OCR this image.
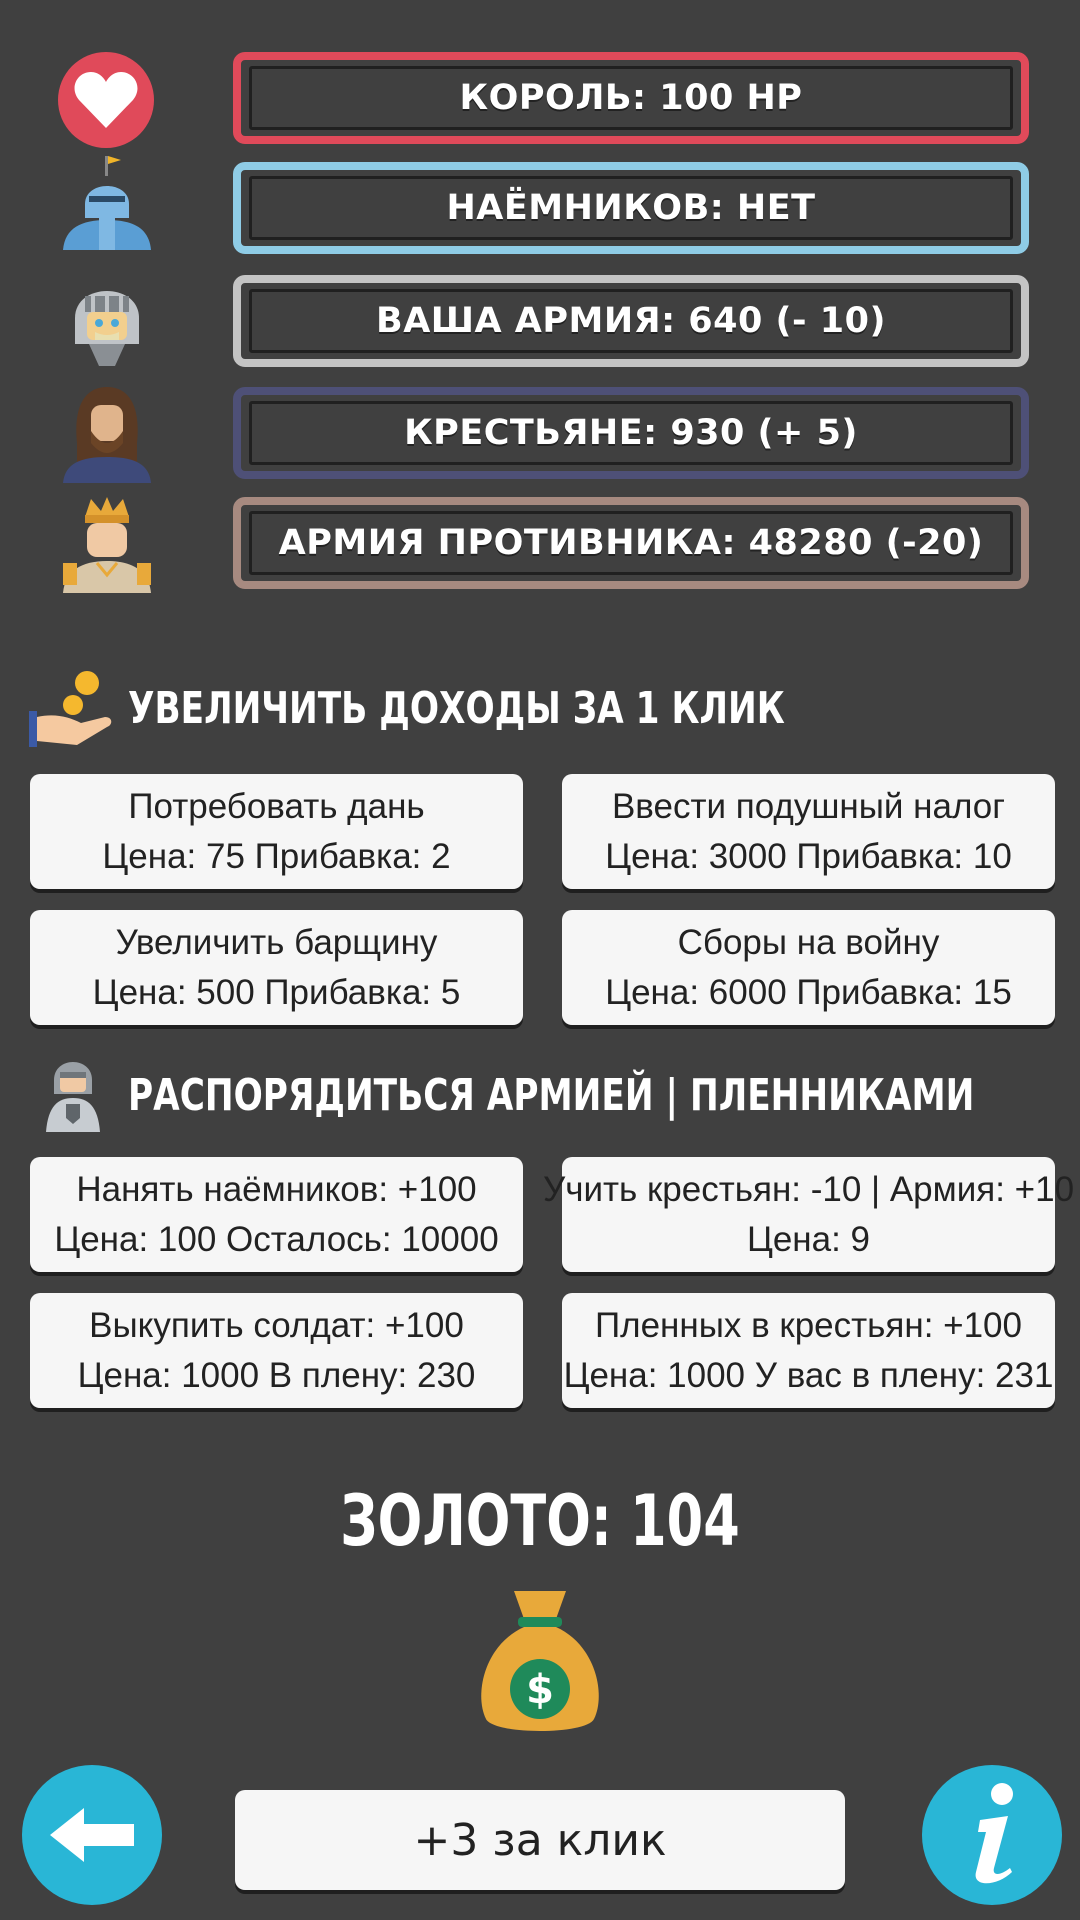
КОРОЛЬ: 100 HP
НАЁМНИКОВ: НЕТ
ВАША АРМИЯ: 640 (- 10)
КРЕСТЬЯНЕ: 930 (+ 5)
АРМИЯ ПРОТИВНИКА: 48280 (-20)
УВЕЛИЧИТЬ ДОХОДЫ ЗА 1 КЛИК
Потребовать дань
Цена: 75 Прибавка: 2
Ввести подушный налог
Цена: 3000 Прибавка: 10
Увеличить барщину
Цена: 500 Прибавка: 5
Сборы на войну
Цена: 6000 Прибавка: 15
РАСПОРЯДИТЬСЯ АРМИЕЙ | ПЛЕННИКАМИ
Нанять наёмников: +100
Цена: 100 Осталось: 10000
Учить крестьян: -10 | Армия: +10
Цена: 9
Выкупить солдат: +100
Цена: 1000 В плену: 230
Пленных в крестьян: +100
Цена: 1000 У вас в плену: 231
ЗОЛОТО: 104
$
+3 за клик
